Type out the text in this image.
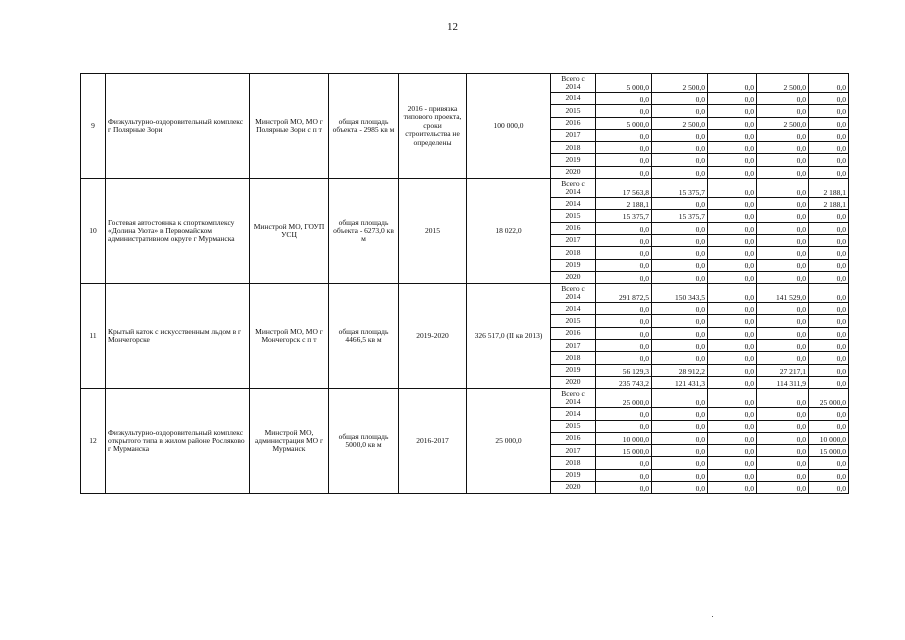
12
9	Физкультурно-оздоровительный комплекс г Полярные Зори	Минстрой МО, МО г Полярные Зори с п т	общая площадь объекта - 2985 кв м	2016 - привязка типового проекта, сроки строительства не определены	100 000,0	Всего с 2014	5 000,0	2 500,0	0,0	2 500,0	0,0
						2014	0,0	0,0	0,0	0,0	0,0
						2015	0,0	0,0	0,0	0,0	0,0
						2016	5 000,0	2 500,0	0,0	2 500,0	0,0
						2017	0,0	0,0	0,0	0,0	0,0
						2018	0,0	0,0	0,0	0,0	0,0
						2019	0,0	0,0	0,0	0,0	0,0
						2020	0,0	0,0	0,0	0,0	0,0
10	Гостевая автостоянка к спорткомплексу «Долина Уюта» в Первомайском административном округе г Мурманска	Минстрой МО, ГОУП УСЦ	общая площадь объекта - 6273,0 кв м	2015	18 022,0	Всего с 2014	17 563,8	15 375,7	0,0	0,0	2 188,1
						2014	2 188,1	0,0	0,0	0,0	2 188,1
						2015	15 375,7	15 375,7	0,0	0,0	0,0
						2016	0,0	0,0	0,0	0,0	0,0
						2017	0,0	0,0	0,0	0,0	0,0
						2018	0,0	0,0	0,0	0,0	0,0
						2019	0,0	0,0	0,0	0,0	0,0
						2020	0,0	0,0	0,0	0,0	0,0
11	Крытый каток с искусственным льдом в г Мончегорске	Минстрой МО, МО г Мончегорск с п т	общая площадь 4466,5 кв м	2019-2020	326 517,0 (II кв 2013)	Всего с 2014	291 872,5	150 343,5	0,0	141 529,0	0,0
						2014	0,0	0,0	0,0	0,0	0,0
						2015	0,0	0,0	0,0	0,0	0,0
						2016	0,0	0,0	0,0	0,0	0,0
						2017	0,0	0,0	0,0	0,0	0,0
						2018	0,0	0,0	0,0	0,0	0,0
						2019	56 129,3	28 912,2	0,0	27 217,1	0,0
						2020	235 743,2	121 431,3	0,0	114 311,9	0,0
12	Физкультурно-оздоровительный комплекс открытого типа в жилом районе Росляково г Мурманска	Минстрой МО, администрация МО г Мурманск	общая площадь 5000,0 кв м	2016-2017	25 000,0	Всего с 2014	25 000,0	0,0	0,0	0,0	25 000,0
						2014	0,0	0,0	0,0	0,0	0,0
						2015	0,0	0,0	0,0	0,0	0,0
						2016	10 000,0	0,0	0,0	0,0	10 000,0
						2017	15 000,0	0,0	0,0	0,0	15 000,0
						2018	0,0	0,0	0,0	0,0	0,0
						2019	0,0	0,0	0,0	0,0	0,0
						2020	0,0	0,0	0,0	0,0	0,0
